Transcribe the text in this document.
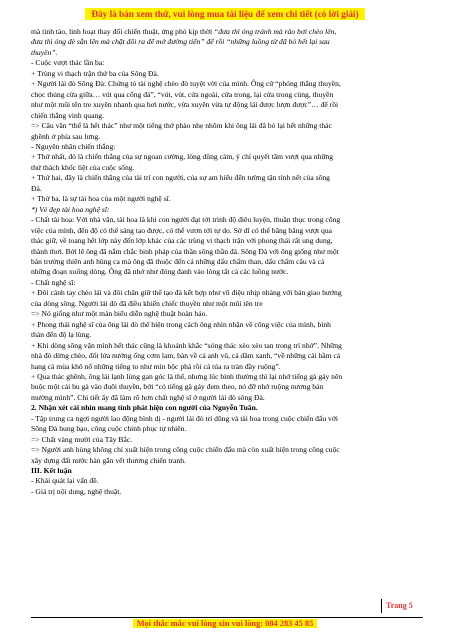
Đây là bản xem thử, vui lòng mua tài liệu để xem chi tiết (có lời giải)

mà tinh táo, linh hoạt thay đổi chiến thuật, ứng phó kịp thời “đưa thì óng tránh mà rảo bơi chèo lên,

đưa thì óng đè sẵn lên mà chặt đôi ra để mở đường tiến” để rồi “những luồng từ đã bỏ hết lại sau

thuyền”.

- Cuộc vượt thác lần ba:

+ Trùng vi thạch trận thứ ba của Sông Đà.

+ Người lái đò Sông Đà: Chứng tỏ tài nghệ chèo đò tuyệt vời của mình. Ông cứ “phóng thẳng thuyền,

chọc thủng cửa giữa… vút qua cổng đá”, “vút, vút, cửa ngoài, cửa trong, lại cửa trong cùng, thuyền

như một mũi tên tre xuyên nhanh qua hơi nước, vừa xuyên vừa tự động lái được lượn được”… để rồi

chiến thắng vinh quang.

=> Câu văn “thế là hết thác” như một tiếng thở phào nhẹ nhõm khi ông lái đã bỏ lại hết những thác

ghềnh ở phía sau lưng.

- Nguyên nhân chiến thắng:

+ Thứ nhất, đó là chiến thắng của sự ngoan cường, lòng dũng cảm, ý chí quyết tâm vượt qua những

thử thách khốc liệt của cuộc sống.

+ Thứ hai, đây là chiến thắng của tài trí con người, của sự am hiểu đến tường tận tính nết của sông

Đà.

+ Thứ ba, là sự tài hoa của một người nghệ sĩ.

*) Vẻ đẹp tài hoa nghệ sĩ:

- Chất tài hoa: Với nhà văn, tài hoa là khi con người đạt tới trình độ điêu luyện, thuần thục trong công

việc của mình, đến độ có thể sáng tạo được, có thể vươn tới tự do. Sở dĩ có thể băng băng vượt qua

thác giữ, về toang hết lớp này đến lớp khác của các trùng vi thạch trận với phong thái rất ung dung,

thành thơi. Bởi lẽ ông đã nắm chắc binh pháp của thần sông thần đá. Sông Đà với ông giống như một

bản trường thiên anh hùng ca mà ông đã thuộc đến cả những dấu chấm than, dấu chấm câu và cả

những đoạn xuống dòng. Ông đã nhớ như đóng đanh vào lòng tất cả các luồng nước.

- Chất nghệ sĩ:

+ Đôi cánh tay chèo lái và đôi chân giữ thế tạo đà kết hợp như vũ điệu nhịp nhàng với bản giao hưởng

của dòng sông. Người lái đò đã điều khiển chiếc thuyền như một mũi tên tre

=> Nó giống như một màn biểu diễn nghệ thuật hoàn hảo.

+ Phong thái nghệ sĩ của ông lái đò thể hiện trong cách ông nhìn nhận về công việc của mình, bình

thản đến độ lạ lùng.

+ Khi dòng sông vặn mình hết thác cũng là khoảnh khắc “sóng thác xèo xèo tan trong trí nhớ”. Những

nhà đò dừng chèo, đốt lửa nướng ống cơm lam, bàn về cá anh vũ, cá dầm xanh, “về những cái hầm cá

hang cá mùa khô nổ những tiếng to như mìn bộc phá rồi cá túa ra tràn đầy ruộng”.

+ Qua thác ghềnh, ông lái lạnh lùng gan góc là thế, nhưng lúc bình thường thì lại nhớ tiếng gà gáy nên

buộc một cái bu gà vào đuôi thuyền, bởi “có tiếng gà gáy đem theo, nó đỡ nhớ ruộng nương bản

mường mình”. Chi tiết ấy đã làm rõ hơn chất nghệ sĩ ở người lái đò sông Đà.

2. Nhận xét cái nhìn mang tính phát hiện con người của Nguyễn Tuân.

- Tập trung ca ngợi người lao động bình dị - người lái đò trí dũng và tài hoa trong cuộc chiến đấu với

Sông Đà hung bạo, công cuộc chinh phục tự nhiên.

=> Chất vàng mười của Tây Bắc.

=> Người anh hùng không chỉ xuất hiện trong công cuộc chiến đấu mà còn xuất hiện trong công cuộc

xây dựng đất nước hàn gắn vết thương chiến tranh.

III. Kết luận

- Khái quát lại vấn đề.

- Giá trị nội dung, nghệ thuật.

Trang 5
Mọi thắc mắc vui lòng xin vui lòng: 084 283 45 85
